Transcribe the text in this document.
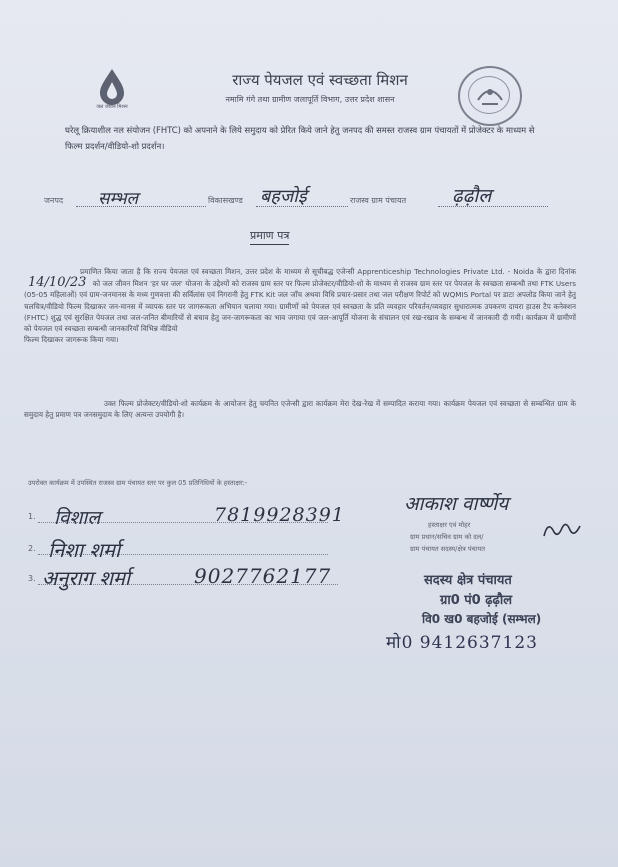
जल जीवन मिशन
राज्य पेयजल एवं स्वच्छता मिशन
नमामि गंगे तथा ग्रामीण जलापूर्ति विभाग, उत्तर प्रदेश शासन
घरेलू क्रियाशील नल संयोजन (FHTC) को अपनाने के लिये समुदाय को प्रेरित किये जाने हेतु जनपद की समस्त राजस्व ग्राम पंचायतों में प्रोजेक्टर के माध्यम से फिल्म प्रदर्शन/वीडियो-शो प्रदर्शन।
जनपद सम्भल	विकासखण्ड बहजोई	राजस्व ग्राम पंचायत ढ़ढ़ौल
प्रमाण पत्र
प्रमाणित किया जाता है कि राज्य पेयजल एवं स्वच्छता मिशन, उत्तर प्रदेश के माध्यम से सूचीबद्ध एजेन्सी Apprenticeship Technologies Private Ltd. - Noida के द्वारा दिनांक 14/10/23 को जल जीवन मिशन 'हर घर जल' योजना के उद्देश्यों को राजस्व ग्राम स्तर पर फिल्म प्रोजेक्टर/वीडियो-शो के माध्यम से राजस्व ग्राम स्तर पर पेयजल के स्वच्छता सम्बन्धी तथा FTK Users (05-05 महिलाओं) एवं ग्राम-जनमानस के मध्य गुणवत्ता की सर्विलांस एवं निगरानी हेतु FTK Kit जल जाँच अथवा विधि प्रचार-प्रसार तथा जल परीक्षण रिपोर्ट को WQMIS Portal पर डाटा अपलोड किया जाने हेतु चलचित्र/वीडियो फिल्म दिखाकर जन-मानस में व्यापक स्तर पर जागरूकता अभियान चलाया गया। ग्रामीणों को पेयजल एवं स्वच्छता के प्रति व्यवहार परिवर्तन/व्यवहार सुधारात्मक उपकरण दायरा हाउस टैप कनेक्शन (FHTC) शुद्ध एवं सुरक्षित पेयजल तथा जल-जनित बीमारियों से बचाव हेतु जन-जागरूकता का भाव जगाया एवं जल-आपूर्ति योजना के संचालन एवं रख-रखाव के सम्बन्ध में जानकारी दी गयी। कार्यक्रम में ग्रामीणों को पेयजल एवं स्वच्छता सम्बन्धी जानकारियाँ विभिन्न वीडियो
फिल्म दिखाकर जागरूक किया गया।
उक्त फिल्म प्रोजेक्टर/वीडियो-शो कार्यक्रम के आयोजन हेतु चयनित एजेन्सी द्वारा कार्यक्रम मेरा देख-रेख में सम्पादित कराया गया। कार्यक्रम पेयजल एवं स्वच्छता से सम्बन्धित ग्राम के समुदाय हेतु प्रमाण पत्र जनसमुदाय के लिए अत्यन्त उपयोगी है।
उपरोक्त कार्यक्रम में उपस्थित राजस्व ग्राम पंचायत स्तर पर कुल 05 प्रतिनिधियों के हस्ताक्षर:-
1. विशाल	7819928391
2. निशा शर्मा
3. अनुराग शर्मा	9027762177
आकाश वार्ष्णेय
हस्ताक्षर एवं मोहर
ग्राम प्रधान/सचिव ग्राम को दल/
ग्राम पंचायत सदस्य/क्षेत्र पंचायत
सदस्य क्षेत्र पंचायत
ग्रा0 पं0 ढ़ढ़ौल
वि0 ख0 बहजोई (सम्भल)
मो0 9412637123
